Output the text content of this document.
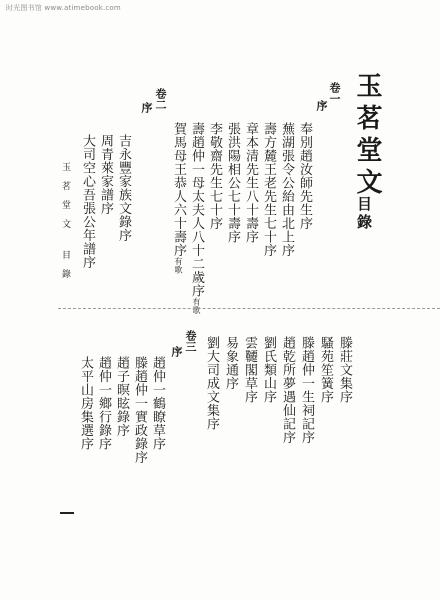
时光图书馆 www.atimebook.com
玉茗堂文
目錄
卷一
序
奉別趙汝師先生序
蕪湖張令公紿由北上序
壽方麓王老先生七十序
章本清先生八十壽序
張洪陽相公七十壽序
李敬齋先生七十序
壽趙仲一母太夫人八十二歲序有歌
賀馬母王恭人六十壽序有歌
卷二
序
吉永豐家族文錄序
周青萊家譜序
大司空心吾張公年譜序
玉茗堂文
目錄
滕莊文集序
騷苑笙簧序
滕趙仲一生祠記序
趙乾所夢遇仙記序
劉氏類山序
雲韆閣草序
易象通序
劉大司成文集序
卷三
序
趙仲一鶴瞭草序
滕趙仲一實政錄序
趙子暝眩錄序
趙仲一鄉行錄序
太平山房集選序
